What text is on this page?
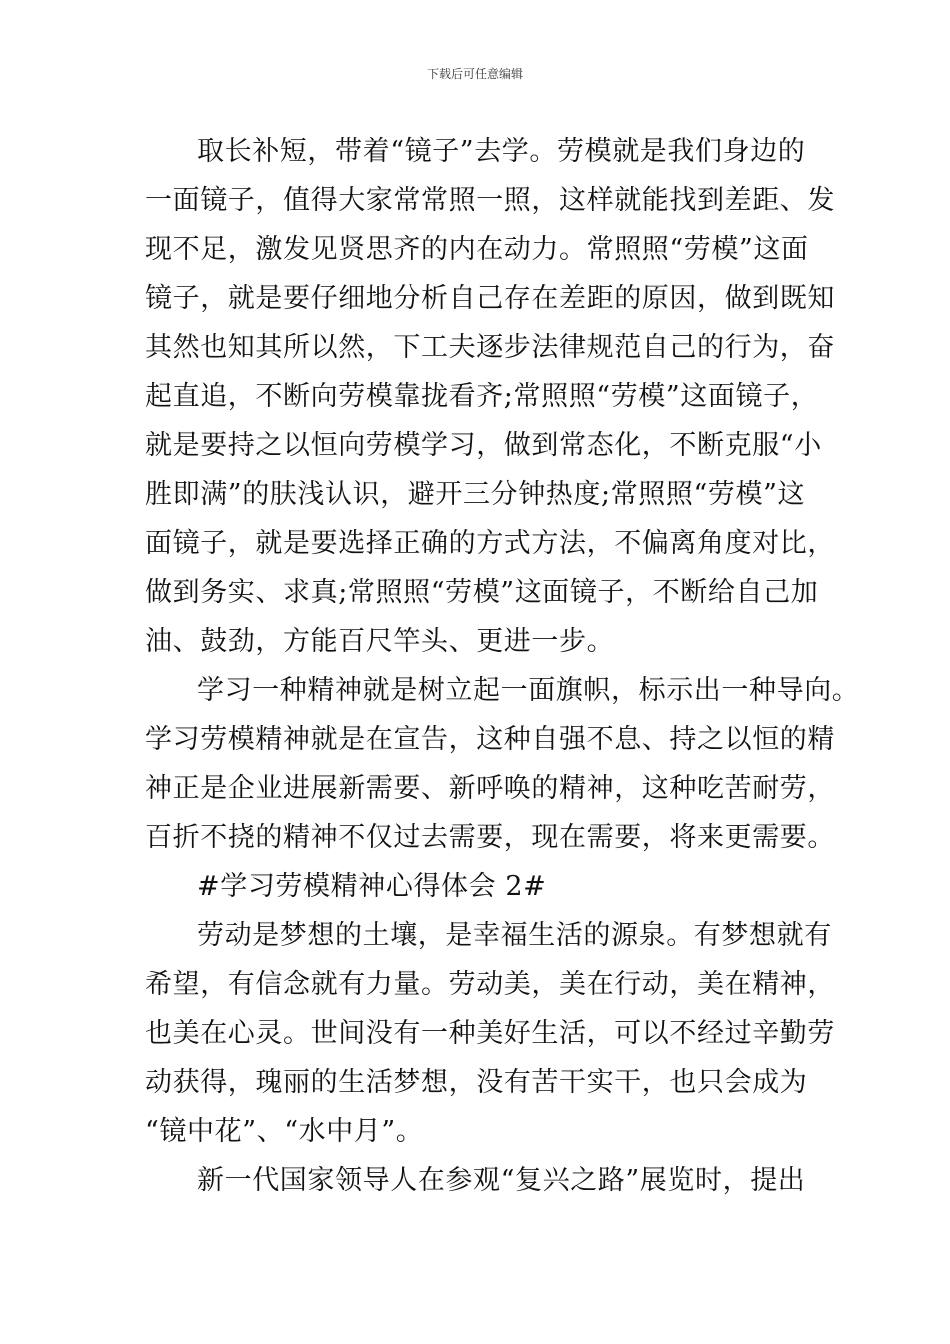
下载后可任意编辑
取长补短，带着“镜子”去学。劳模就是我们身边的
一面镜子，值得大家常常照一照，这样就能找到差距、发
现不足，激发见贤思齐的内在动力。常照照“劳模”这面
镜子，就是要仔细地分析自己存在差距的原因，做到既知
其然也知其所以然，下工夫逐步法律规范自己的行为，奋
起直追，不断向劳模靠拢看齐;常照照“劳模”这面镜子，
就是要持之以恒向劳模学习，做到常态化，不断克服“小
胜即满”的肤浅认识，避开三分钟热度;常照照“劳模”这
面镜子，就是要选择正确的方式方法，不偏离角度对比，
做到务实、求真;常照照“劳模”这面镜子，不断给自己加
油、鼓劲，方能百尺竿头、更进一步。
学习一种精神就是树立起一面旗帜，标示出一种导向。
学习劳模精神就是在宣告，这种自强不息、持之以恒的精
神正是企业进展新需要、新呼唤的精神，这种吃苦耐劳，
百折不挠的精神不仅过去需要，现在需要，将来更需要。
#学习劳模精神心得体会 2#
劳动是梦想的土壤，是幸福生活的源泉。有梦想就有
希望，有信念就有力量。劳动美，美在行动，美在精神，
也美在心灵。世间没有一种美好生活，可以不经过辛勤劳
动获得，瑰丽的生活梦想，没有苦干实干，也只会成为
“镜中花”、“水中月”。
新一代国家领导人在参观“复兴之路”展览时，提出
